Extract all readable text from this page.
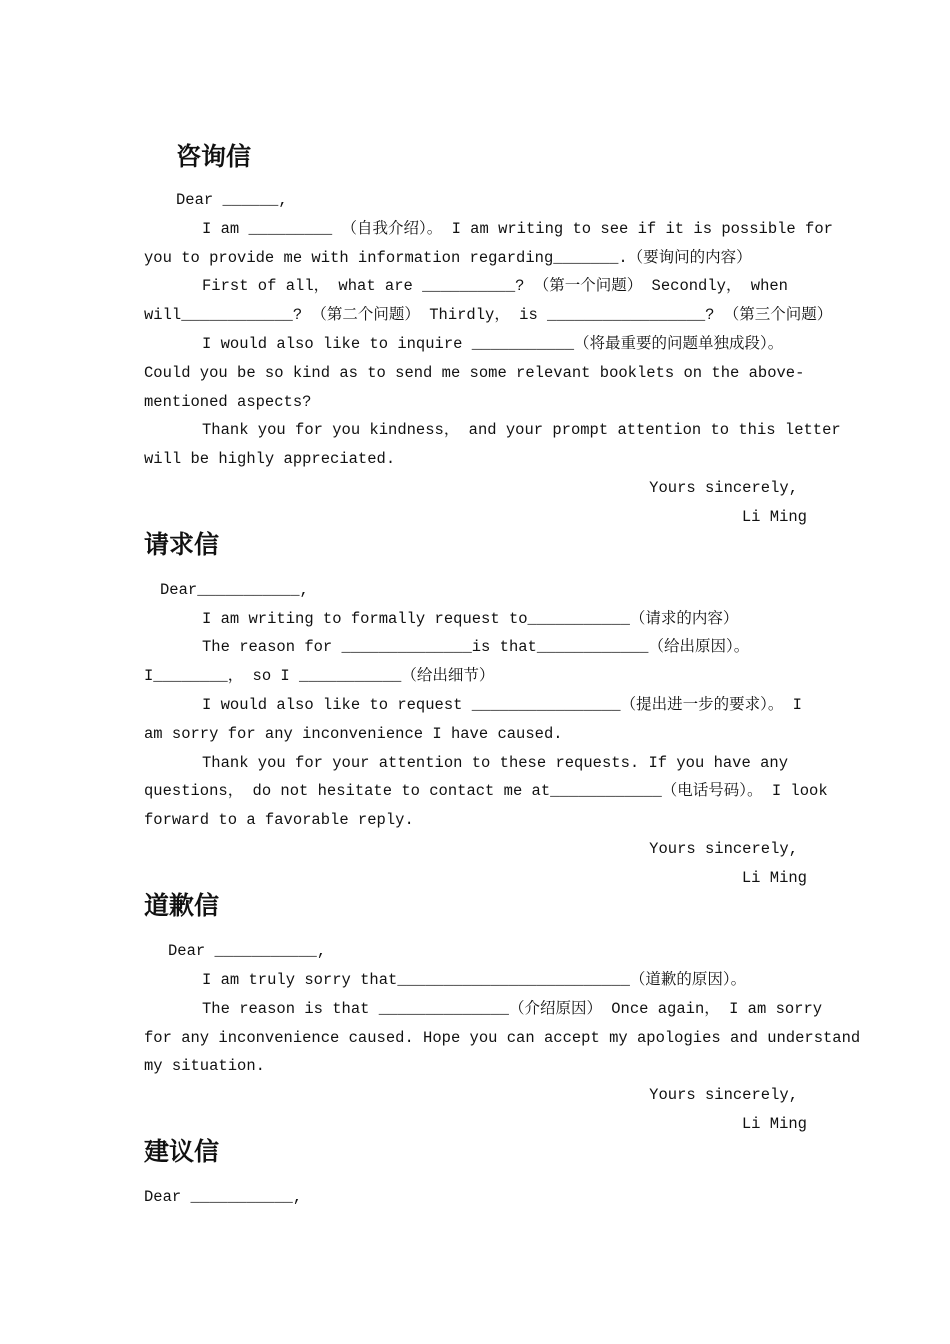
咨询信
Dear ______,
I am _________ （自我介绍）。 I am writing to see if it is possible for
you to provide me with information regarding_______.（要询问的内容）
First of all， what are __________? （第一个问题） Secondly， when
will____________? （第二个问题） Thirdly， is _________________? （第三个问题）
I would also like to inquire ___________（将最重要的问题单独成段）。
Could you be so kind as to send me some relevant booklets on the above-
mentioned aspects?
Thank you for you kindness， and your prompt attention to this letter
will be highly appreciated.
Yours sincerely,
Li Ming
请求信
Dear___________,
I am writing to formally request to___________（请求的内容）
The reason for ______________is that____________（给出原因）。
I________， so I ___________（给出细节）
I would also like to request ________________（提出进一步的要求）。 I
am sorry for any inconvenience I have caused.
Thank you for your attention to these requests. If you have any
questions， do not hesitate to contact me at____________（电话号码）。 I look
forward to a favorable reply.
Yours sincerely,
Li Ming
道歉信
Dear ___________,
I am truly sorry that_________________________（道歉的原因）。
The reason is that ______________（介绍原因） Once again， I am sorry
for any inconvenience caused. Hope you can accept my apologies and understand
my situation.
Yours sincerely,
Li Ming
建议信
Dear ___________,
